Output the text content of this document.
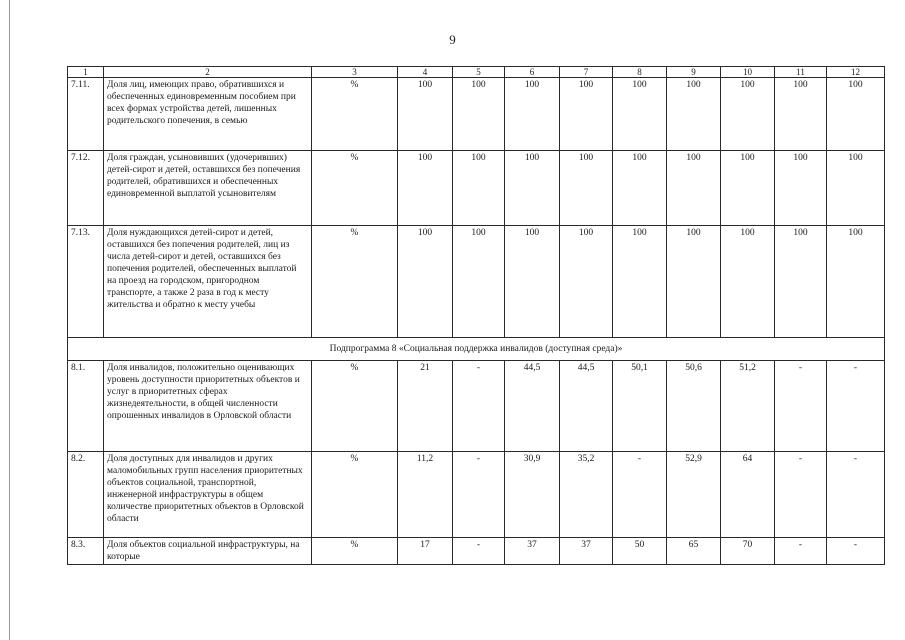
9
1	2	3	4	5	6	7	8	9	10	11	12
7.11.	Доля лиц, имеющих право, обратившихся и обеспеченных единовременным пособием при всех формах устройства детей, лишенных родительского попечения, в семью	%	100	100	100	100	100	100	100	100	100
7.12.	Доля граждан, усыновивших (удочеривших) детей-сирот и детей, оставшихся без попечения родителей, обратившихся и обеспеченных единовременной выплатой усыновителям	%	100	100	100	100	100	100	100	100	100
7.13.	Доля нуждающихся детей-сирот и детей, оставшихся без попечения родителей, лиц из числа детей-сирот и детей, оставшихся без попечения родителей, обеспеченных выплатой на проезд на городском, пригородном транспорте, а также 2 раза в год к месту жительства и обратно к месту учебы	%	100	100	100	100	100	100	100	100	100
Подпрограмма 8 «Социальная поддержка инвалидов (доступная среда)»											
8.1.	Доля инвалидов, положительно оценивающих уровень доступности приоритетных объектов и услуг в приоритетных сферах жизнедеятельности, в общей численности опрошенных инвалидов в Орловской области	%	21	-	44,5	44,5	50,1	50,6	51,2	-	-
8.2.	Доля доступных для инвалидов и других маломобильных групп населения приоритетных объектов социальной, транспортной, инженерной инфраструктуры в общем количестве приоритетных объектов в Орловской области	%	11,2	-	30,9	35,2	-	52,9	64	-	-
8.3.	Доля объектов социальной инфраструктуры, на которые	%	17	-	37	37	50	65	70	-	-
